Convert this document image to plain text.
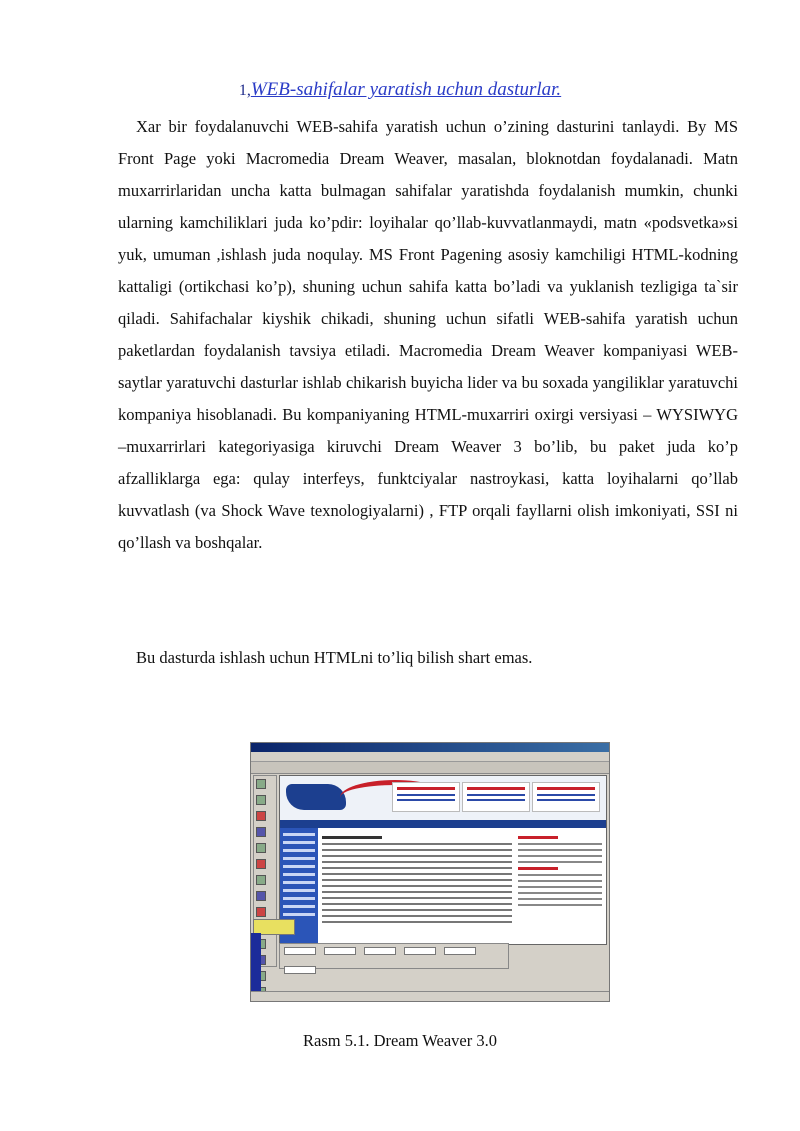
1,WEB-sahifalar yaratish uchun dasturlar.

Xar bir foydalanuvchi WEB-sahifa yaratish uchun o’zining dasturini tanlaydi. By MS Front Page yoki Macromedia Dream Weaver, masalan, bloknotdan foydalanadi. Matn muxarrirlaridan uncha katta bulmagan sahifalar yaratishda foydalanish mumkin, chunki ularning kamchiliklari juda ko’pdir: loyihalar qo’llab-kuvvatlanmaydi, matn «podsvetka»si yuk, umuman ,ishlash juda noqulay. MS Front Pagening asosiy kamchiligi HTML-kodning kattaligi (ortikchasi ko’p), shuning uchun sahifa katta bo’ladi va yuklanish tezligiga ta`sir qiladi. Sahifachalar kiyshik chikadi, shuning uchun sifatli WEB-sahifa yaratish uchun paketlardan foydalanish tavsiya etiladi. Macromedia Dream Weaver kompaniyasi WEB-saytlar yaratuvchi dasturlar ishlab chikarish buyicha lider va bu soxada yangiliklar yaratuvchi kompaniya hisoblanadi. Bu kompaniyaning HTML-muxarriri oxirgi versiyasi – WYSIWYG –muxarrirlari kategoriyasiga kiruvchi Dream Weaver 3 bo’lib, bu paket juda ko’p afzalliklarga ega: qulay interfeys, funktciyalar nastroykasi, katta loyihalarni qo’llab kuvvatlash (va Shock Wave texnologiyalarni) , FTP orqali fayllarni olish imkoniyati, SSI ni qo’llash va boshqalar.

Bu dasturda ishlash uchun HTMLni to’liq bilish shart emas.

Rasm 5.1. Dream Weaver 3.0
